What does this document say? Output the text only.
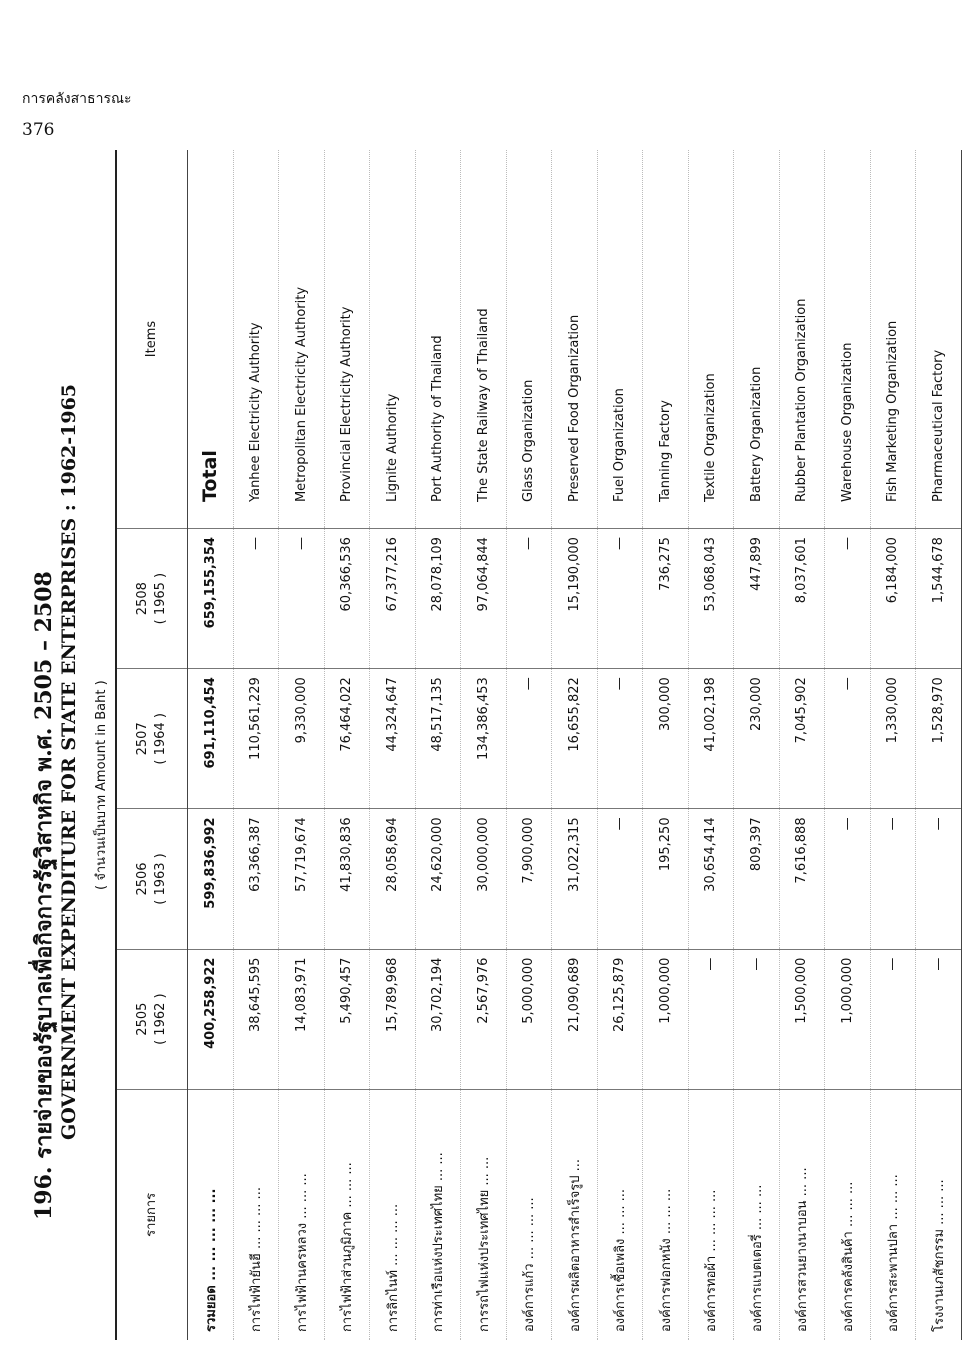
การคลังสาธารณะ
376
196. รายจ่ายของรัฐบาลเพื่อกิจการรัฐวิสาหกิจ พ.ศ. 2505 – 2508 GOVERNMENT EXPENDITURE FOR STATE ENTERPRISES : 1962-1965	( จำนวนเป็นบาท Amount in Baht )
รายการ	2505 ( 1962 )	2506 ( 1963 )	2507 ( 1964 )	2508 ( 1965 )	Items
รวมยอด ... ... ... ... ...	400,258,922	599,836,992	691,110,454	659,155,354	Total
การไฟฟ้ายันฮี ... ... ... ...	38,645,595	63,366,387	110,561,229	—	Yanhee Electricity Authority
การไฟฟ้านครหลวง ... ... ...	14,083,971	57,719,674	9,330,000	—	Metropolitan Electricity Authority
การไฟฟ้าส่วนภูมิภาค ... ... ...	5,490,457	41,830,836	76,464,022	60,366,536	Provincial Electricity Authority
การลิกไนท์ ... ... ... ...	15,789,968	28,058,694	44,324,647	67,377,216	Lignite Authority
การท่าเรือแห่งประเทศไทย ... ...	30,702,194	24,620,000	48,517,135	28,078,109	Port Authority of Thailand
การรถไฟแห่งประเทศไทย ... ...	2,567,976	30,000,000	134,386,453	97,064,844	The State Railway of Thailand
องค์การแก้ว ... ... ... ...	5,000,000	7,900,000	—	—	Glass Organization
องค์การผลิตอาหารสำเร็จรูป ...	21,090,689	31,022,315	16,655,822	15,190,000	Preserved Food Organization
องค์การเชื้อเพลิง ... ... ...	26,125,879	—	—	—	Fuel Organization
องค์การฟอกหนัง ... ... ...	1,000,000	195,250	300,000	736,275	Tanning Factory
องค์การทอผ้า ... ... ... ...	—	30,654,414	41,002,198	53,068,043	Textile Organization
องค์การแบตเตอรี่ ... ... ...	—	809,397	230,000	447,899	Battery Organization
องค์การสวนยางนาบอน ... ...	1,500,000	7,616,888	7,045,902	8,037,601	Rubber Plantation Organization
องค์การคลังสินค้า ... ... ...	1,000,000	—	—	—	Warehouse Organization
องค์การสะพานปลา ... ... ...	—	—	1,330,000	6,184,000	Fish Marketing Organization
โรงงานเภสัชกรรม ... ... ...	—	—	1,528,970	1,544,678	Pharmaceutical Factory
